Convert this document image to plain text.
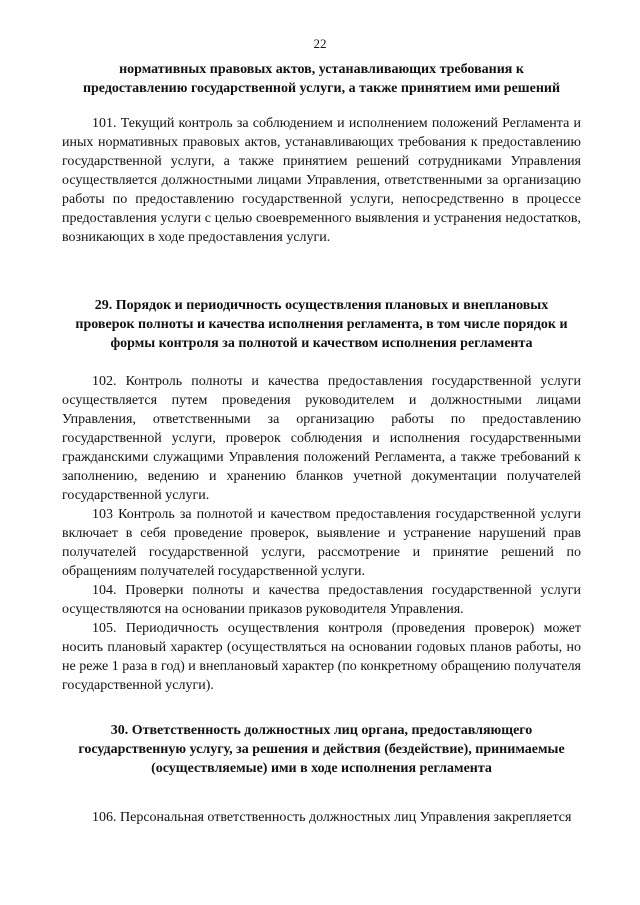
22
нормативных правовых актов, устанавливающих требования к
предоставлению государственной услуги, а также принятием ими решений

101. Текущий контроль за соблюдением и исполнением положений Регламента и иных нормативных правовых актов, устанавливающих требования к предоставлению государственной услуги, а также принятием решений сотрудниками Управления осуществляется должностными лицами Управления, ответственными за организацию работы по предоставлению государственной услуги, непосредственно в процессе предоставления услуги с целью своевременного выявления и устранения недостатков, возникающих в ходе предоставления услуги.

29. Порядок и периодичность осуществления плановых и внеплановых
проверок полноты и качества исполнения регламента, в том числе порядок и
формы контроля за полнотой и качеством исполнения регламента

102. Контроль полноты и качества предоставления государственной услуги осуществляется путем проведения руководителем и должностными лицами Управления, ответственными за организацию работы по предоставлению государственной услуги, проверок соблюдения и исполнения государственными гражданскими служащими Управления положений Регламента, а также требований к заполнению, ведению и хранению бланков учетной документации получателей государственной услуги.

103 Контроль за полнотой и качеством предоставления государственной услуги включает в себя проведение проверок, выявление и устранение нарушений прав получателей государственной услуги, рассмотрение и принятие решений по обращениям получателей государственной услуги.

104. Проверки полноты и качества предоставления государственной услуги осуществляются на основании приказов руководителя Управления.

105. Периодичность осуществления контроля (проведения проверок) может носить плановый характер (осуществляться на основании годовых планов работы, но не реже 1 раза в год) и внеплановый характер (по конкретному обращению получателя государственной услуги).

30. Ответственность должностных лиц органа, предоставляющего
государственную услугу, за решения и действия (бездействие), принимаемые
(осуществляемые) ими в ходе исполнения регламента

106. Персональная ответственность должностных лиц Управления закрепляется
